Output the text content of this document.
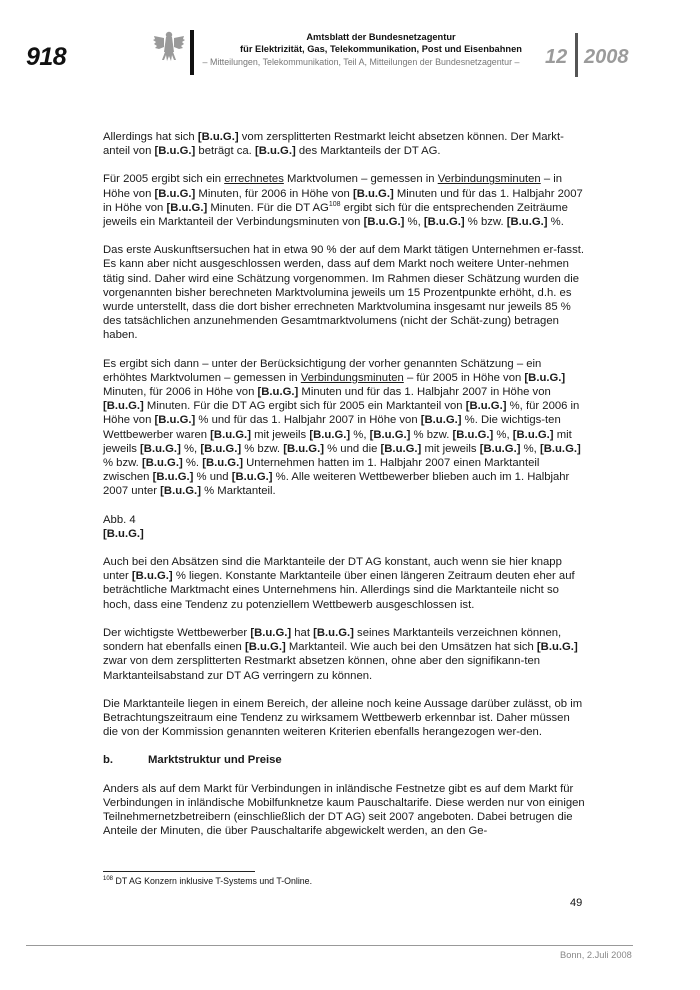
918
Amtsblatt der Bundesnetzagentur
für Elektrizität, Gas, Telekommunikation, Post und Eisenbahnen
– Mitteilungen, Telekommunikation, Teil A, Mitteilungen der Bundesnetzagentur –	12 2008

Allerdings hat sich [B.u.G.] vom zersplitterten Restmarkt leicht absetzen können. Der Markt-anteil von [B.u.G.] beträgt ca. [B.u.G.] des Marktanteils der DT AG.

Für 2005 ergibt sich ein errechnetes Marktvolumen – gemessen in Verbindungsminuten – in Höhe von [B.u.G.] Minuten, für 2006 in Höhe von [B.u.G.] Minuten und für das 1. Halbjahr 2007 in Höhe von [B.u.G.] Minuten. Für die DT AG$^{108}$ ergibt sich für die entsprechenden Zeiträume jeweils ein Marktanteil der Verbindungsminuten von [B.u.G.] %, [B.u.G.] % bzw. [B.u.G.] %.

Das erste Auskunftsersuchen hat in etwa 90 % der auf dem Markt tätigen Unternehmen er-fasst. Es kann aber nicht ausgeschlossen werden, dass auf dem Markt noch weitere Unter-nehmen tätig sind. Daher wird eine Schätzung vorgenommen. Im Rahmen dieser Schätzung wurden die vorgenannten bisher berechneten Marktvolumina jeweils um 15 Prozentpunkte erhöht, d.h. es wurde unterstellt, dass die dort bisher errechneten Marktvolumina insgesamt nur jeweils 85 % des tatsächlichen anzunehmenden Gesamtmarktvolumens (nicht der Schät-zung) betragen haben.

Es ergibt sich dann – unter der Berücksichtigung der vorher genannten Schätzung – ein erhöhtes Marktvolumen – gemessen in Verbindungsminuten – für 2005 in Höhe von [B.u.G.] Minuten, für 2006 in Höhe von [B.u.G.] Minuten und für das 1. Halbjahr 2007 in Höhe von [B.u.G.] Minuten. Für die DT AG ergibt sich für 2005 ein Marktanteil von [B.u.G.] %, für 2006 in Höhe von [B.u.G.] % und für das 1. Halbjahr 2007 in Höhe von [B.u.G.] %. Die wichtigs-ten Wettbewerber waren [B.u.G.] mit jeweils [B.u.G.] %, [B.u.G.] % bzw. [B.u.G.] %, [B.u.G.] mit jeweils [B.u.G.] %, [B.u.G.] % bzw. [B.u.G.] % und die [B.u.G.] mit jeweils [B.u.G.] %, [B.u.G.] % bzw. [B.u.G.] %. [B.u.G.] Unternehmen hatten im 1. Halbjahr 2007 einen Marktanteil zwischen [B.u.G.] % und [B.u.G.] %. Alle weiteren Wettbewerber blieben auch im 1. Halbjahr 2007 unter [B.u.G.] % Marktanteil.

Abb. 4

[B.u.G.]

Auch bei den Absätzen sind die Marktanteile der DT AG konstant, auch wenn sie hier knapp unter [B.u.G.] % liegen. Konstante Marktanteile über einen längeren Zeitraum deuten eher auf beträchtliche Marktmacht eines Unternehmens hin. Allerdings sind die Marktanteile nicht so hoch, dass eine Tendenz zu potenziellem Wettbewerb ausgeschlossen ist.

Der wichtigste Wettbewerber [B.u.G.] hat [B.u.G.] seines Marktanteils verzeichnen können, sondern hat ebenfalls einen [B.u.G.] Marktanteil. Wie auch bei den Umsätzen hat sich [B.u.G.] zwar von dem zersplitterten Restmarkt absetzen können, ohne aber den signifikann-ten Marktanteilsabstand zur DT AG verringern zu können.

Die Marktanteile liegen in einem Bereich, der alleine noch keine Aussage darüber zulässt, ob im Betrachtungszeitraum eine Tendenz zu wirksamem Wettbewerb erkennbar ist. Daher müssen die von der Kommission genannten weiteren Kriterien ebenfalls herangezogen wer-den.

b.	Marktstruktur und Preise

Anders als auf dem Markt für Verbindungen in inländische Festnetze gibt es auf dem Markt für Verbindungen in inländische Mobilfunknetze kaum Pauschaltarife. Diese werden nur von einigen Teilnehmernetzbetreibern (einschließlich der DT AG) seit 2007 angeboten. Dabei betrugen die Anteile der Minuten, die über Pauschaltarife abgewickelt werden, an den Ge-

$^{108}$ DT AG Konzern inklusive T-Systems und T-Online.
49
Bonn, 2.Juli 2008
